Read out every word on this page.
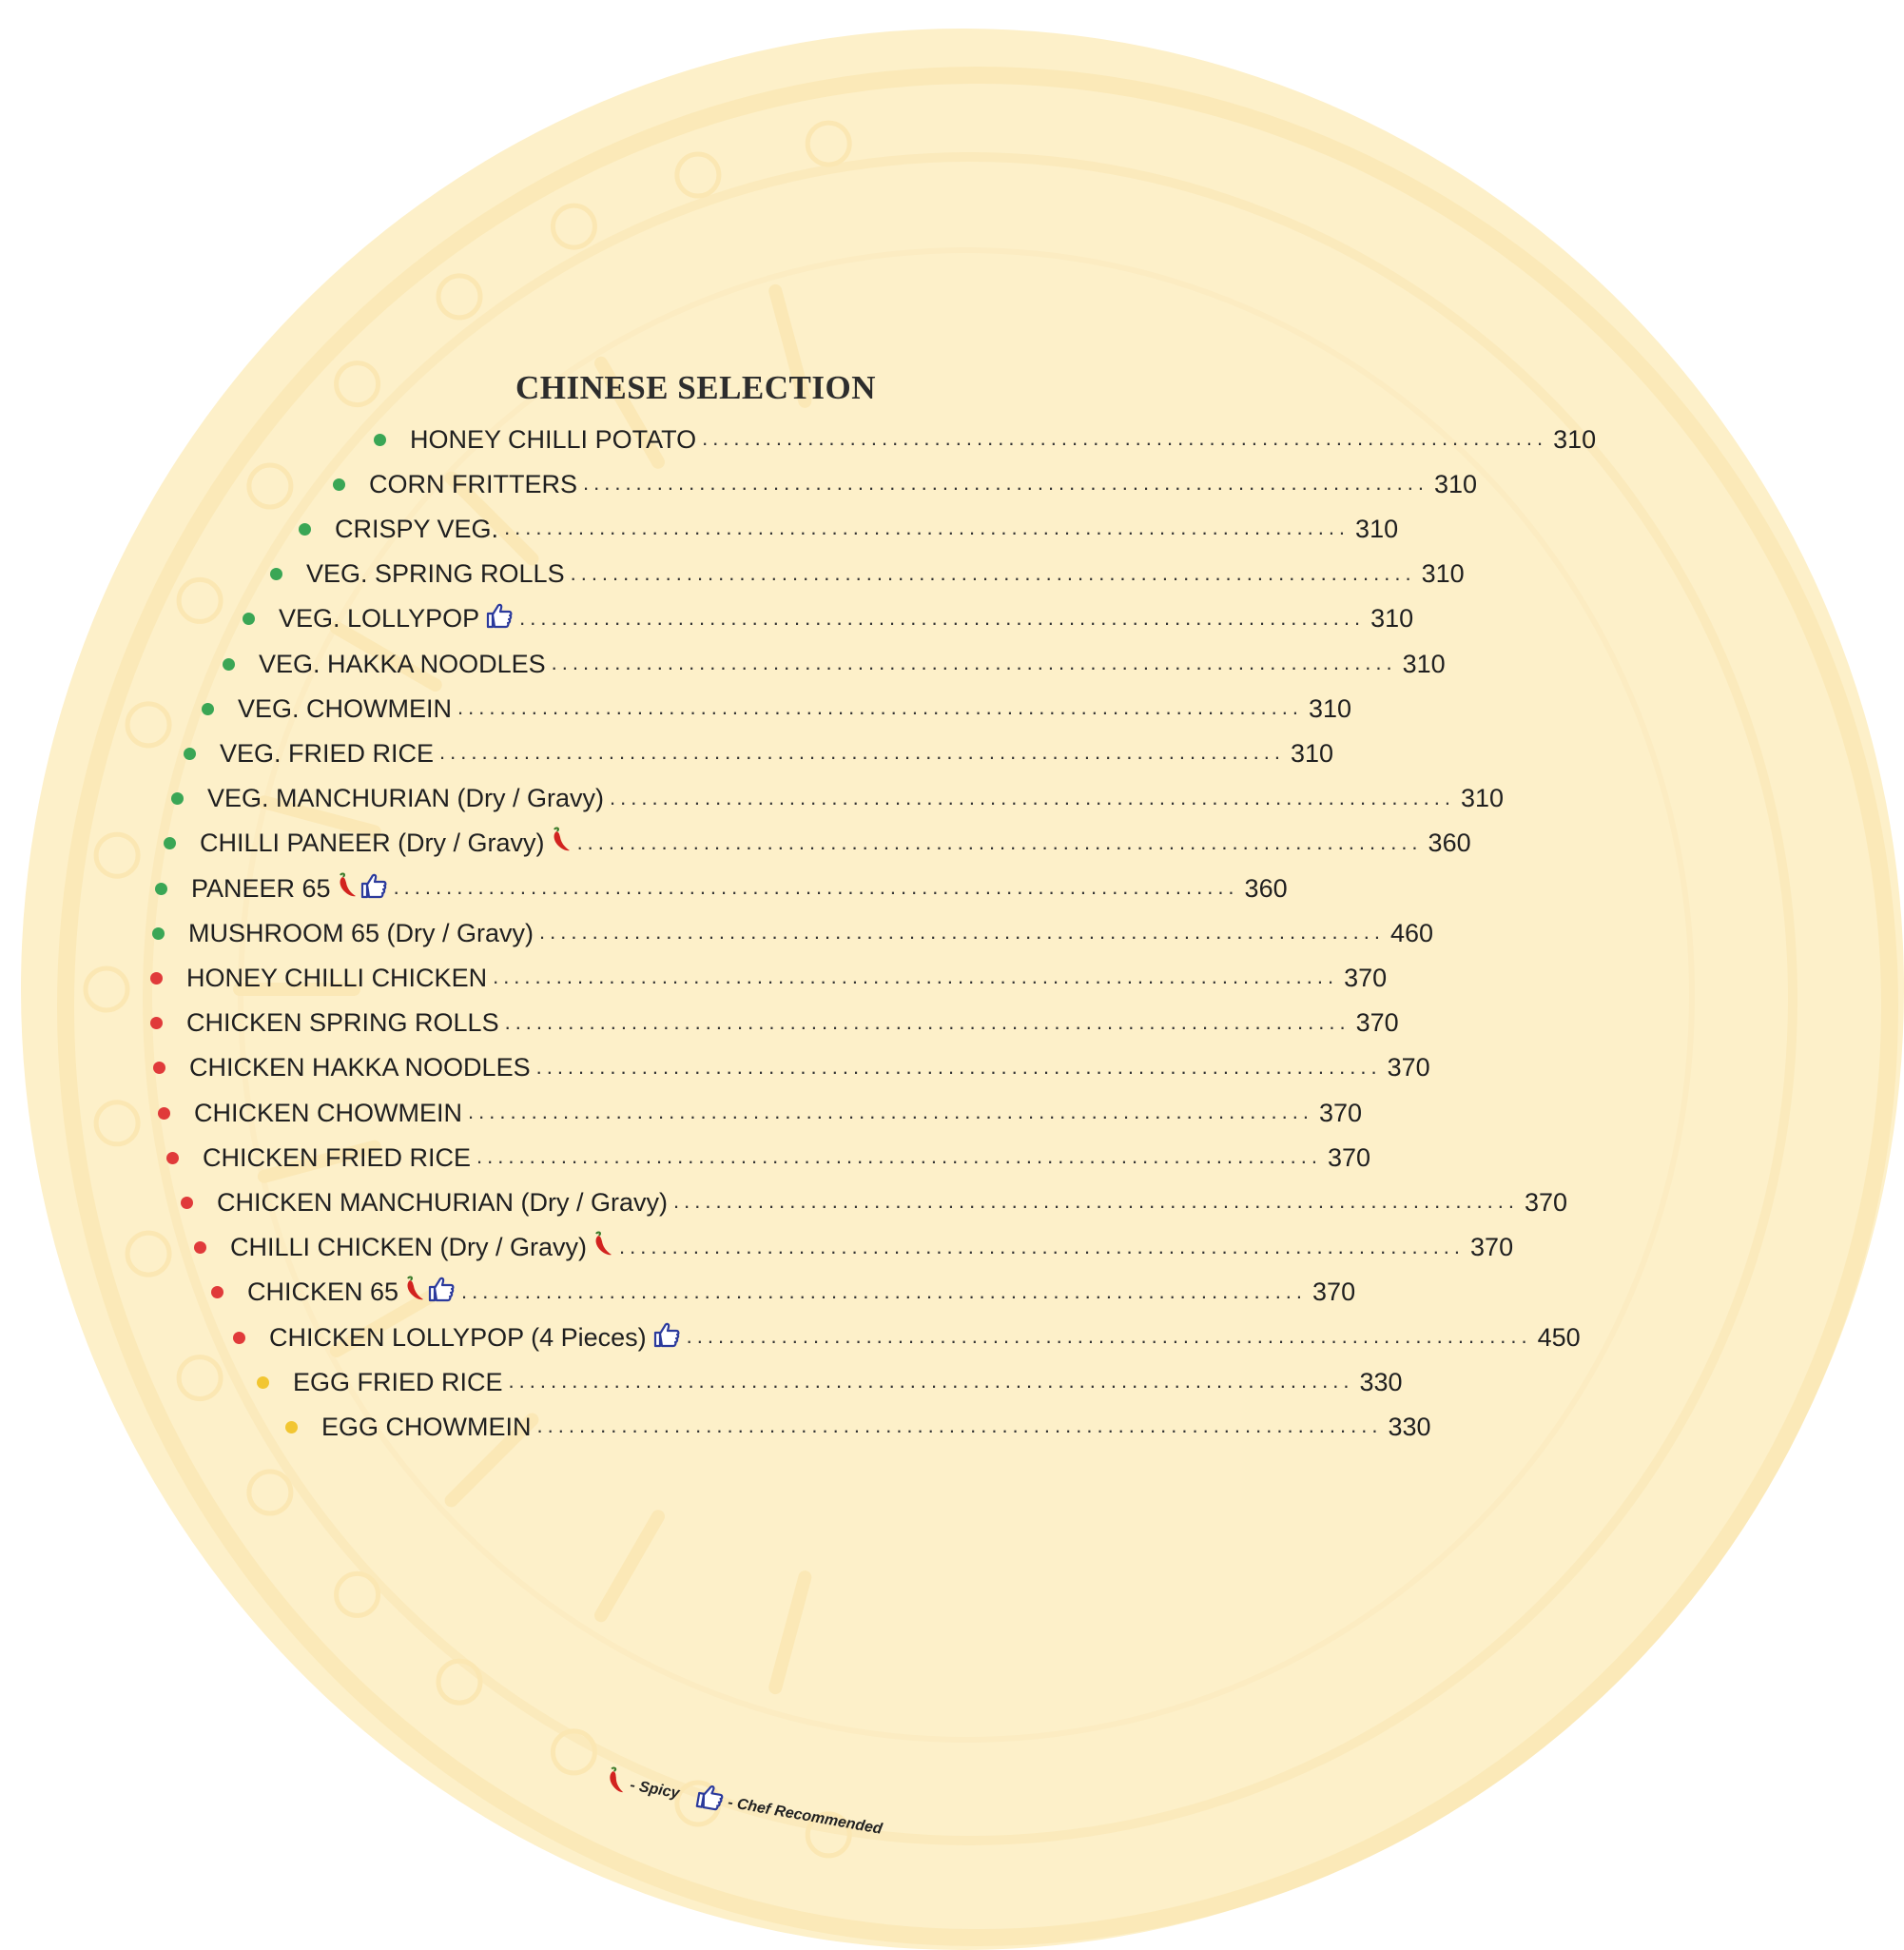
CHINESE SELECTION
HONEY CHILLI POTATO ................................................................................ 310
CORN FRITTERS ................................................................................ 310
CRISPY VEG. ................................................................................ 310
VEG. SPRING ROLLS ................................................................................ 310
VEG. LOLLYPOP ................................................................................ 310
VEG. HAKKA NOODLES ................................................................................ 310
VEG. CHOWMEIN ................................................................................ 310
VEG. FRIED RICE ................................................................................ 310
VEG. MANCHURIAN (Dry / Gravy) ................................................................................ 310
CHILLI PANEER (Dry / Gravy) ................................................................................ 360
PANEER 65	................................................................................ 360
MUSHROOM 65 (Dry / Gravy) ................................................................................ 460
HONEY CHILLI CHICKEN ................................................................................ 370
CHICKEN SPRING ROLLS ................................................................................ 370
CHICKEN HAKKA NOODLES ................................................................................ 370
CHICKEN CHOWMEIN ................................................................................ 370
CHICKEN FRIED RICE ................................................................................ 370
CHICKEN MANCHURIAN (Dry / Gravy) ................................................................................ 370
CHILLI CHICKEN (Dry / Gravy) ................................................................................ 370
CHICKEN 65	................................................................................ 370
CHICKEN LOLLYPOP (4 Pieces) ................................................................................ 450
EGG FRIED RICE ................................................................................ 330
EGG CHOWMEIN ................................................................................ 330
- Spicy
- Chef Recommended
